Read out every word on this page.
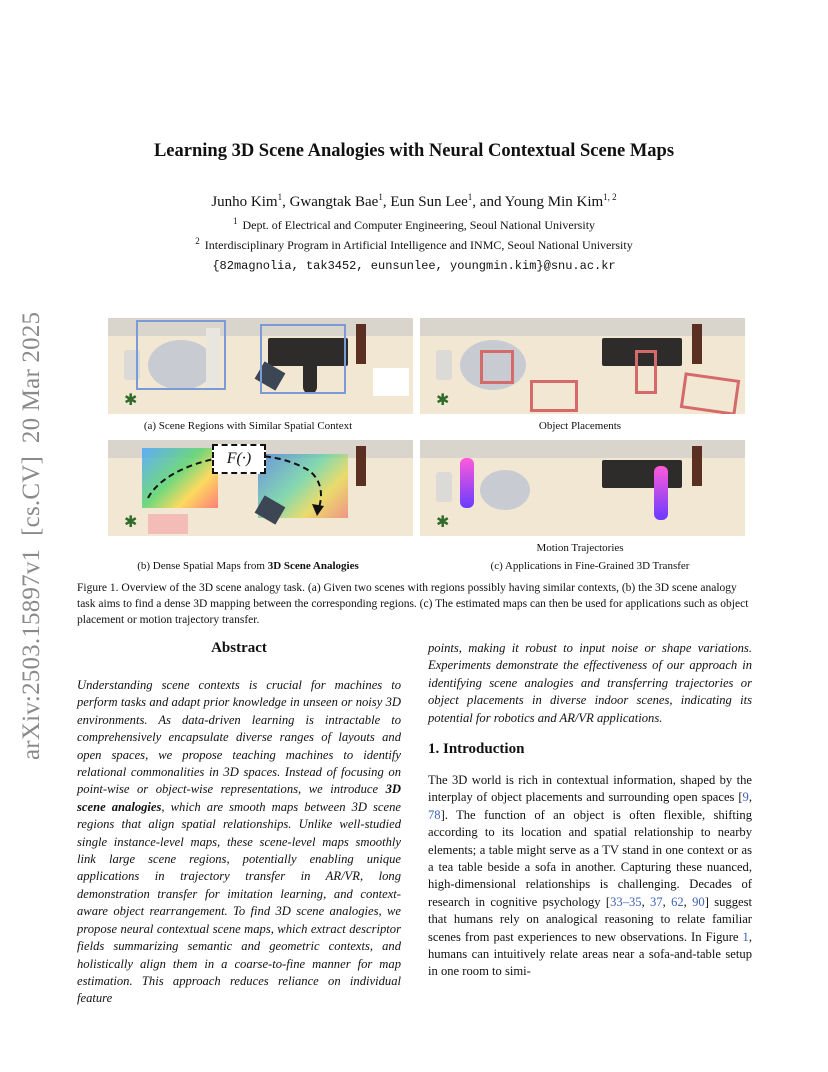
arXiv:2503.15897v1  [cs.CV]  20 Mar 2025
Learning 3D Scene Analogies with Neural Contextual Scene Maps
Junho Kim$^1$, Gwangtak Bae$^1$, Eun Sun Lee$^1$, and Young Min Kim$^{1, 2}$
$^1$ Dept. of Electrical and Computer Engineering, Seoul National University
$^2$ Interdisciplinary Program in Artificial Intelligence and INMC, Seoul National University
{82magnolia, tak3452, eunsunlee, youngmin.kim}@snu.ac.kr
✱
(a) Scene Regions with Similar Spatial Context
✱
Object Placements
✱
F(·)
(b) Dense Spatial Maps from 3D Scene Analogies
✱
Motion Trajectories
(c) Applications in Fine-Grained 3D Transfer
Figure 1. Overview of the 3D scene analogy task. (a) Given two scenes with regions possibly having similar contexts, (b) the 3D scene analogy task aims to find a dense 3D mapping between the corresponding regions. (c) The estimated maps can then be used for applications such as object placement or motion trajectory transfer.
Abstract
Understanding scene contexts is crucial for machines to perform tasks and adapt prior knowledge in unseen or noisy 3D environments. As data-driven learning is intractable to comprehensively encapsulate diverse ranges of layouts and open spaces, we propose teaching machines to identify relational commonalities in 3D spaces. Instead of focusing on point-wise or object-wise representations, we introduce 3D scene analogies, which are smooth maps between 3D scene regions that align spatial relationships. Unlike well-studied single instance-level maps, these scene-level maps smoothly link large scene regions, potentially enabling unique applications in trajectory transfer in AR/VR, long demonstration transfer for imitation learning, and context-aware object rearrangement. To find 3D scene analogies, we propose neural contextual scene maps, which extract descriptor fields summarizing semantic and geometric contexts, and holistically align them in a coarse-to-fine manner for map estimation. This approach reduces reliance on individual feature
points, making it robust to input noise or shape variations. Experiments demonstrate the effectiveness of our approach in identifying scene analogies and transferring trajectories or object placements in diverse indoor scenes, indicating its potential for robotics and AR/VR applications.
1. Introduction
The 3D world is rich in contextual information, shaped by the interplay of object placements and surrounding open spaces [9, 78]. The function of an object is often flexible, shifting according to its location and spatial relationship to nearby elements; a table might serve as a TV stand in one context or as a tea table beside a sofa in another. Capturing these nuanced, high-dimensional relationships is challenging. Decades of research in cognitive psychology [33–35, 37, 62, 90] suggest that humans rely on analogical reasoning to relate familiar scenes from past experiences to new observations. In Figure 1, humans can intuitively relate areas near a sofa-and-table setup in one room to simi-
